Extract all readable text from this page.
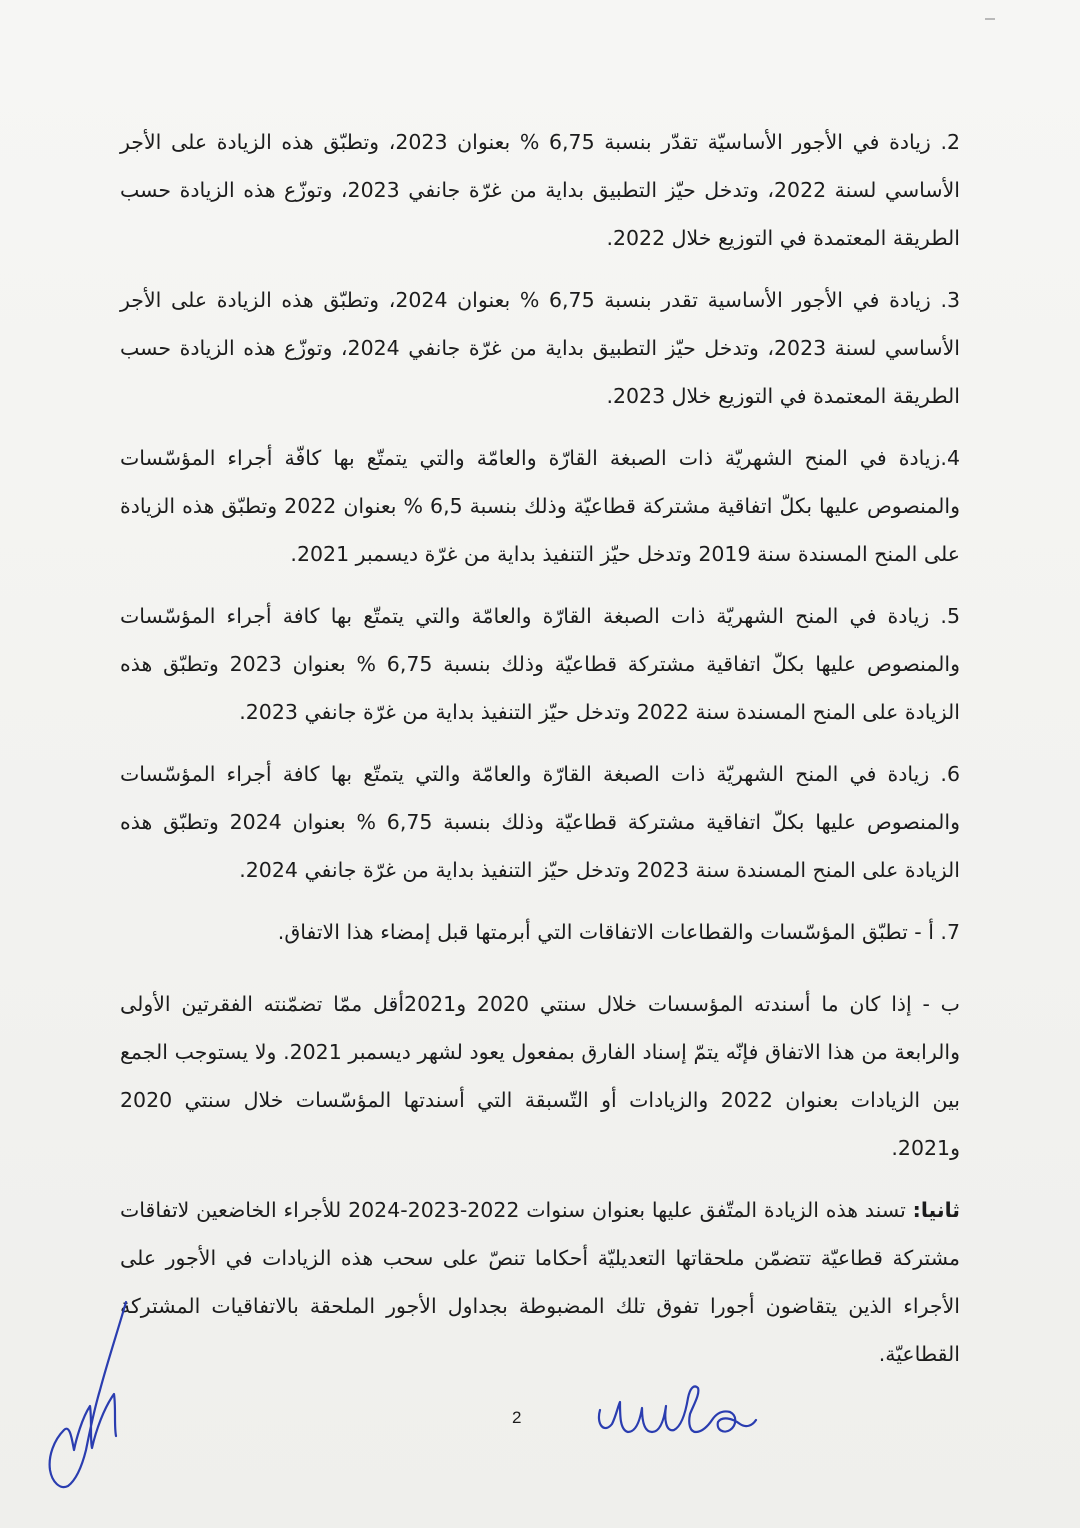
2. زيادة في الأجور الأساسيّة تقدّر بنسبة 6,75 % بعنوان 2023، وتطبّق هذه الزيادة على الأجر الأساسي لسنة 2022، وتدخل حيّز التطبيق بداية من غرّة جانفي 2023، وتوزّع هذه الزيادة حسب الطريقة المعتمدة في التوزيع خلال 2022.

3. زيادة في الأجور الأساسية تقدر بنسبة 6,75 % بعنوان 2024، وتطبّق هذه الزيادة على الأجر الأساسي لسنة 2023، وتدخل حيّز التطبيق بداية من غرّة جانفي 2024، وتوزّع هذه الزيادة حسب الطريقة المعتمدة في التوزيع خلال 2023.

4.زيادة في المنح الشهريّة ذات الصبغة القارّة والعامّة والتي يتمتّع بها كافّة أجراء المؤسّسات والمنصوص عليها بكلّ اتفاقية مشتركة قطاعيّة وذلك بنسبة 6,5 % بعنوان 2022 وتطبّق هذه الزيادة على المنح المسندة سنة 2019 وتدخل حيّز التنفيذ بداية من غرّة ديسمبر 2021.

5. زيادة في المنح الشهريّة ذات الصبغة القارّة والعامّة والتي يتمتّع بها كافة أجراء المؤسّسات والمنصوص عليها بكلّ اتفاقية مشتركة قطاعيّة وذلك بنسبة 6,75 % بعنوان 2023 وتطبّق هذه الزيادة على المنح المسندة سنة 2022 وتدخل حيّز التنفيذ بداية من غرّة جانفي 2023.

6. زيادة في المنح الشهريّة ذات الصبغة القارّة والعامّة والتي يتمتّع بها كافة أجراء المؤسّسات والمنصوص عليها بكلّ اتفاقية مشتركة قطاعيّة وذلك بنسبة 6,75 % بعنوان 2024 وتطبّق هذه الزيادة على المنح المسندة سنة 2023 وتدخل حيّز التنفيذ بداية من غرّة جانفي 2024.

7. أ - تطبّق المؤسّسات والقطاعات الاتفاقات التي أبرمتها قبل إمضاء هذا الاتفاق.

ب - إذا كان ما أسندته المؤسسات خلال سنتي 2020 و2021أقل ممّا تضمّنته الفقرتين الأولى والرابعة من هذا الاتفاق فإنّه يتمّ إسناد الفارق بمفعول يعود لشهر ديسمبر 2021. ولا يستوجب الجمع بين الزيادات بعنوان 2022 والزيادات أو التّسبقة التي أسندتها المؤسّسات خلال سنتي 2020 و2021.

ثانيا: تسند هذه الزيادة المتّفق عليها بعنوان سنوات 2022-2023-2024 للأجراء الخاضعين لاتفاقات مشتركة قطاعيّة تتضمّن ملحقاتها التعديليّة أحكاما تنصّ على سحب هذه الزيادات في الأجور على الأجراء الذين يتقاضون أجورا تفوق تلك المضبوطة بجداول الأجور الملحقة بالاتفاقيات المشتركة القطاعيّة.

2
